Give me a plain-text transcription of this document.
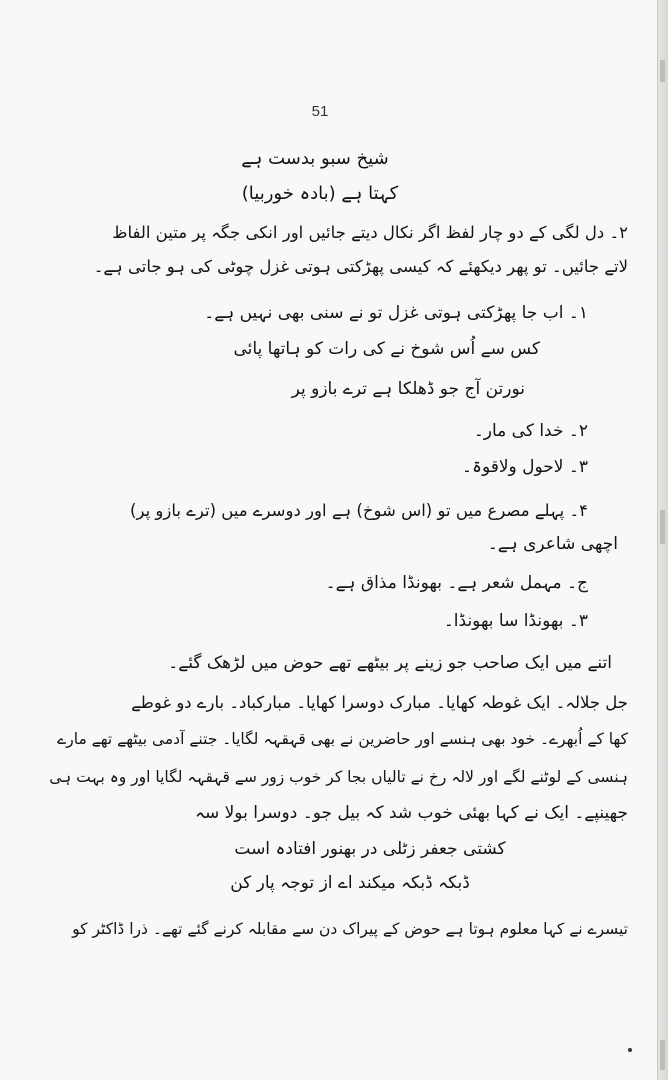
51
شیخ سبو بدست ہے
کہتا ہے (بادہ خوربیا)
۲۔ دل لگی کے دو چار لفظ اگر نکال دیتے جائیں اور انکی جگہ پر متین الفاظ
لاتے جائیں۔ تو پھر دیکھئے کہ کیسی پھڑکتی ہوتی غزل چوٹی کی ہو جاتی ہے۔
۱۔ اب جا پھڑکتی ہوتی غزل تو نے سنی بھی نہیں ہے۔
کس سے اُس شوخ نے کی رات کو ہاتھا پائی
نورتن آج جو ڈھلکا ہے ترے بازو پر
۲۔ خدا کی مار۔
۳۔ لاحول ولاقوۃ۔
۴۔ پہلے مصرع میں تو (اس شوخ) ہے اور دوسرے میں (ترے بازو پر)
اچھی شاعری ہے۔
ج۔ مہمل شعر ہے۔ بھونڈا مذاق ہے۔
۳۔ بھونڈا سا بھونڈا۔
اتنے میں ایک صاحب جو زینے پر بیٹھے تھے حوض میں لڑھک گئے۔
جل جلالہ۔ ایک غوطہ کھایا۔ مبارک دوسرا کھایا۔ مبارکباد۔ بارے دو غوطے
کھا کے اُبھرے۔ خود بھی ہنسے اور حاضرین نے بھی قہقہہ لگایا۔ جتنے آدمی بیٹھے تھے مارے
ہنسی کے لوٹنے لگے اور لالہ رخ نے تالیاں بجا کر خوب زور سے قہقہہ لگایا اور وہ بہت ہی
جھینپے۔ ایک نے کہا بھئی خوب شد کہ بیل جو۔ دوسرا بولا سہ
کشتی جعفر زٹلی در بھنور افتادہ است
ڈبکہ ڈبکہ میکند اے از توجہ پار کن
تیسرے نے کہا معلوم ہوتا ہے حوض کے پیراک دن سے مقابلہ کرنے گئے تھے۔ ذرا ڈاکٹر کو
